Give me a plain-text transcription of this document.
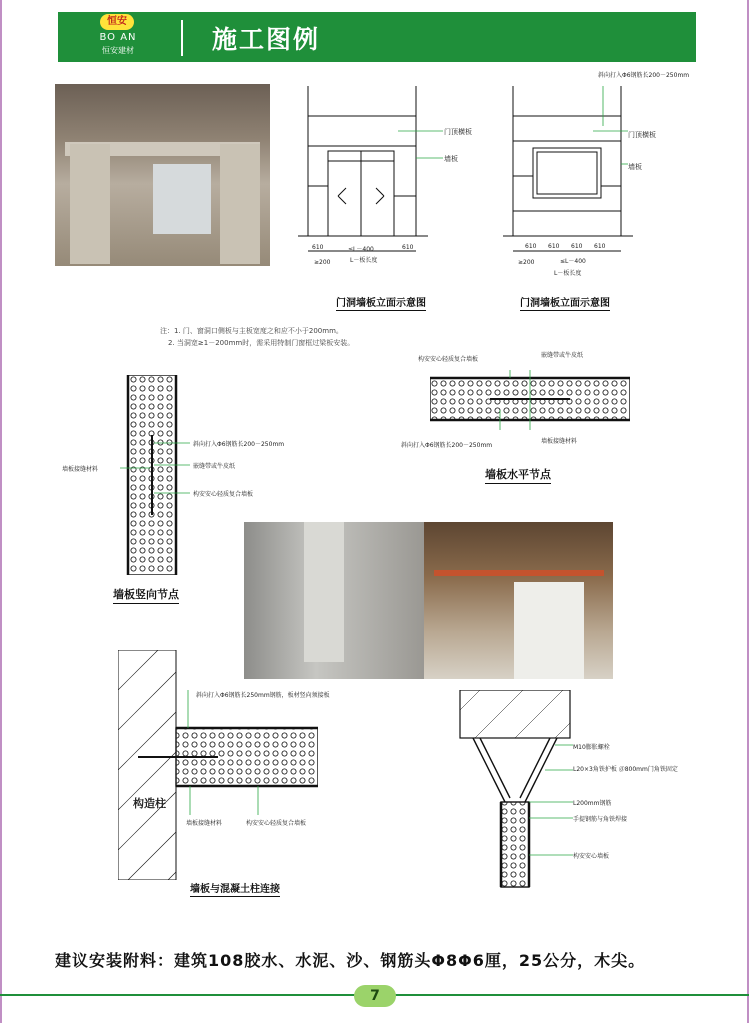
恒安
BO AN
恒安建材	施工图例
门顶横板
墙板
610	≤L－400	610
≥200	L－板长度
门洞墙板立面示意图
斜向打入Φ6钢筋长200－250mm
门顶横板
墙板
610 610 610 610
≥200	≤L－400
L－板长度
门洞墙板立面示意图
注：1. 门、窗洞口侧板与主板宽度之和应不小于200mm。
2. 当洞宽≥1－200mm时，需采用特制门窗框过梁板安装。
墙板接缝材料
斜向打入Φ6钢筋长200－250mm
嵌缝带或牛皮纸
构安安心轻质复合墙板
墙板竖向节点
构安安心轻质复合墙板
嵌缝带或牛皮纸
斜向打入Φ6钢筋长200－250mm
墙板接缝材料
墙板水平节点
斜向打入Φ6钢筋长250mm钢筋，板材竖向须接板
构造柱
墙板接缝材料	构安安心轻质复合墙板
墙板与混凝土柱连接
M10膨胀螺栓
L20×3角铁护板 ＠800mm门角铁固定
L200mm钢筋
手提钢筋与角铁焊接
构安安心墙板
建议安装附料：建筑108胶水、水泥、沙、钢筋头Φ8Φ6厘，25公分，木尖。
7
